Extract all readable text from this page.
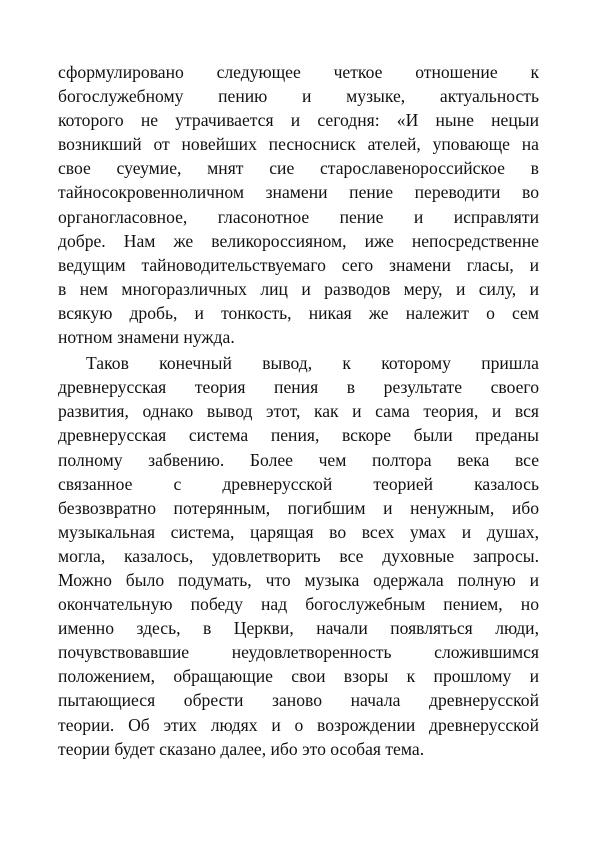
сформулировано следующее четкое отношение к
богослужебному пению и музыке, актуальность
которого не утрачивается и сегодня: «И ныне нецыи
возникший от новейших песносниск ателей, уповающе на
свое суеумие, мнят сие старославенороссийское в
тайносокровенноличном знамени пение переводити во
органогласовное, гласонотное пение и исправляти
добре. Нам же великороссияном, иже непосредственне
ведущим тайноводительствуемаго сего знамени гласы, и
в нем многоразличных лиц и разводов меру, и силу, и
всякую дробь, и тонкость, никая же належит о сем
нотном знамени нужда.
Таков конечный вывод, к которому пришла
древнерусская теория пения в результате своего
развития, однако вывод этот, как и сама теория, и вся
древнерусская система пения, вскоре были преданы
полному забвению. Более чем полтора века все
связанное с древнерусской теорией казалось
безвозвратно потерянным, погибшим и ненужным, ибо
музыкальная система, царящая во всех умах и душах,
могла, казалось, удовлетворить все духовные запросы.
Можно было подумать, что музыка одержала полную и
окончательную победу над богослужебным пением, но
именно здесь, в Церкви, начали появляться люди,
почувствовавшие неудовлетворенность сложившимся
положением, обращающие свои взоры к прошлому и
пытающиеся обрести заново начала древнерусской
теории. Об этих людях и о возрождении древнерусской
теории будет сказано далее, ибо это особая тема.
